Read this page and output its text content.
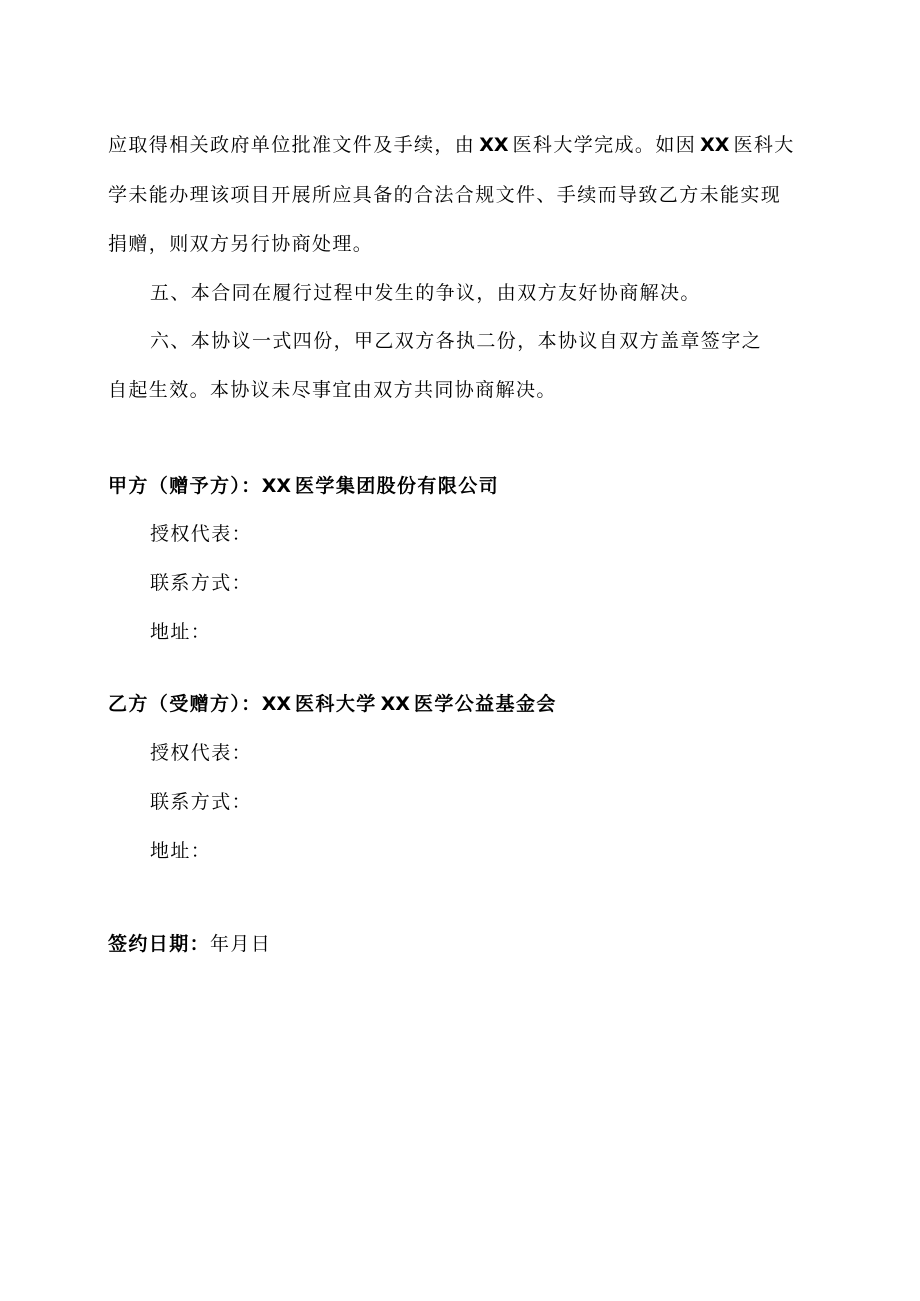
应取得相关政府单位批准文件及手续，由 XX 医科大学完成。如因 XX 医科大
学未能办理该项目开展所应具备的合法合规文件、手续而导致乙方未能实现
捐赠，则双方另行协商处理。
五、本合同在履行过程中发生的争议，由双方友好协商解决。
六、本协议一式四份，甲乙双方各执二份，本协议自双方盖章签字之
自起生效。本协议未尽事宜由双方共同协商解决。
甲方（赠予方）：XX 医学集团股份有限公司
授权代表：
联系方式：
地址：
乙方（受赠方）：XX 医科大学 XX 医学公益基金会
授权代表：
联系方式：
地址：
签约日期：年月日
